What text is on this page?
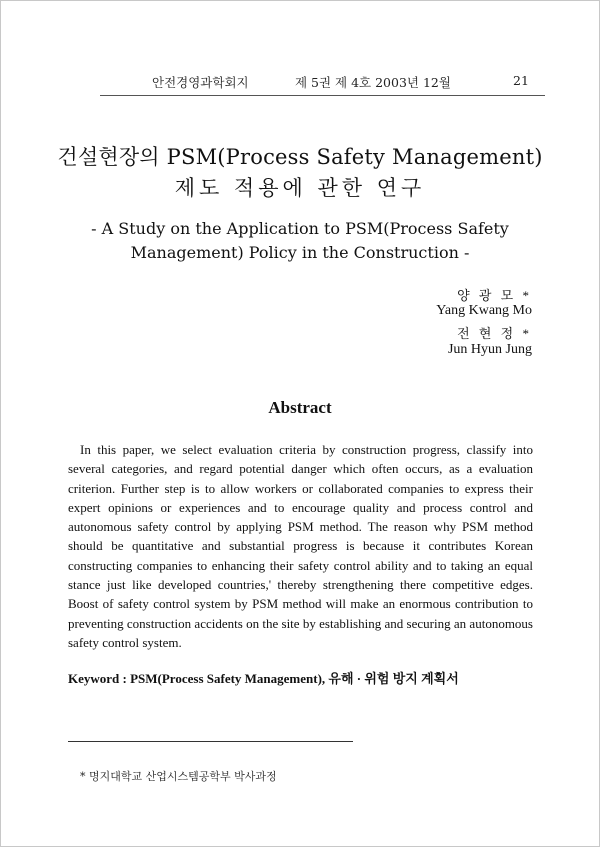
안전경영과학회지	제 5권 제 4호 2003년 12월	21
건설현장의 PSM(Process Safety Management)
제도 적용에 관한 연구
- A Study on the Application to PSM(Process Safety
Management) Policy in the Construction -
양 광 모 *
Yang Kwang Mo
전 현 정 *
Jun Hyun Jung
Abstract

In this paper, we select evaluation criteria by construction progress, classify into several categories, and regard potential danger which often occurs, as a evaluation criterion. Further step is to allow workers or collaborated companies to express their expert opinions or experiences and to encourage quality and process control and autonomous safety control by applying PSM method. The reason why PSM method should be quantitative and substantial progress is because it contributes Korean constructing companies to enhancing their safety control ability and to taking an equal stance just like developed countries,' thereby strengthening there competitive edges. Boost of safety control system by PSM method will make an enormous contribution to preventing construction accidents on the site by establishing and securing an autonomous safety control system.

Keyword : PSM(Process Safety Management), 유해 · 위험 방지 계획서
* 명지대학교 산업시스템공학부 박사과정
